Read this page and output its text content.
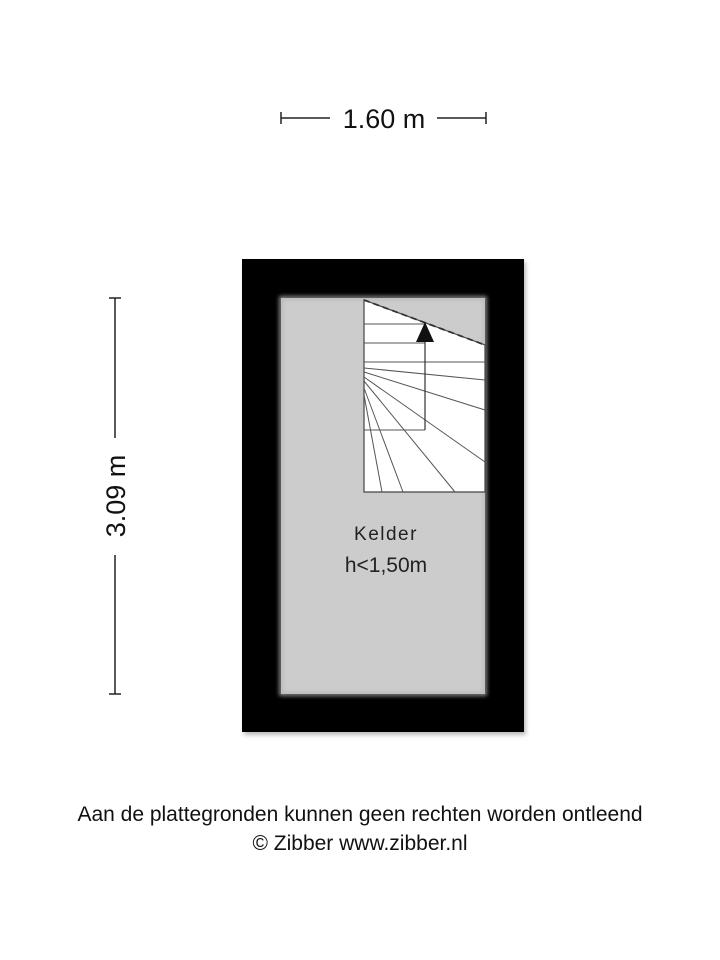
1.60 m
3.09 m	Kelder
h<1,50m
Aan de plattegronden kunnen geen rechten worden ontleend
© Zibber www.zibber.nl
